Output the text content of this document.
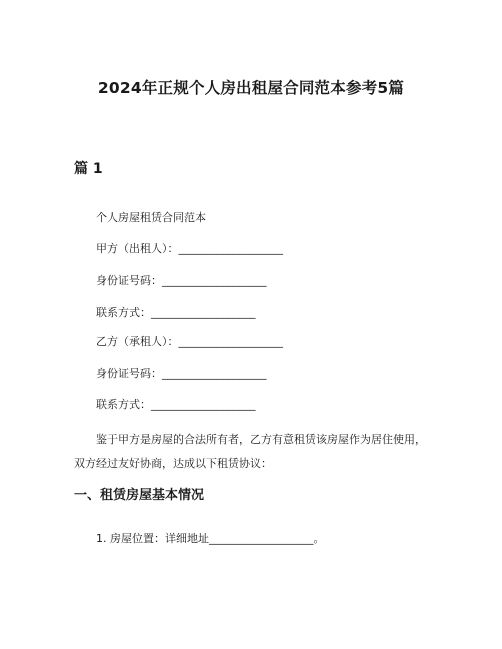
2024年正规个人房出租屋合同范本参考5篇
篇 1
个人房屋租赁合同范本
甲方（出租人）：___________________
身份证号码：___________________
联系方式：___________________
乙方（承租人）：___________________
身份证号码：___________________
联系方式：___________________
鉴于甲方是房屋的合法所有者，乙方有意租赁该房屋作为居住使用，双方经过友好协商，达成以下租赁协议：
一、租赁房屋基本情况
1. 房屋位置：详细地址___________________。
